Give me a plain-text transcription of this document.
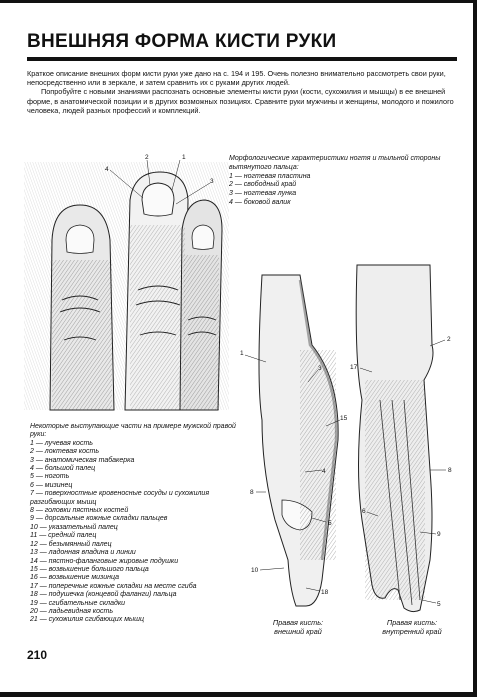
ВНЕШНЯЯ ФОРМА КИСТИ РУКИ

Краткое описание внешних форм кисти руки уже дано на с. 194 и 195. Очень полезно внимательно рассмотреть свои руки, непосредственно или в зеркале, и затем сравнить их с руками других людей.

Попробуйте с новыми знаниями распознать основные элементы кисти руки (кости, сухожилия и мышцы) в ее внешней форме, в анатомической позиции и в других возможных позициях. Сравните руки мужчины и женщины, молодого и пожилого человека, людей разных профессий и комплекций.

2	1
4
3
1
3
15
4
8
5
10
18
2
17
8
6
9
5
Морфологические характеристики ногтя и тыльной стороны вытянутого пальца:
1 — ногтевая пластина
2 — свободный край
3 — ногтевая лунка
4 — боковой валик
Некоторые выступающие части на примере мужской правой руки:
1 — лучевая кость
2 — локтевая кость
3 — анатомическая табакерка
4 — большой палец
5 — ноготь
6 — мизинец
7 — поверхностные кровеносные сосуды и сухожилия разгибающих мышц
8 — головки пястных костей
9 — дорсальные кожные складки пальцев
10 — указательный палец
11 — средний палец
12 — безымянный палец
13 — ладонная впадина и линии
14 — пястно-фаланговые жировые подушки
15 — возвышение большого пальца
16 — возвышение мизинца
17 — поперечные кожные складки на месте сгиба
18 — подушечка (концевой фаланги) пальца
19 — сгибательные складки
20 — ладьевидная кость
21 — сухожилия сгибающих мышц	Правая кисть:
внешний край
Правая кисть:
внутренний край
210
